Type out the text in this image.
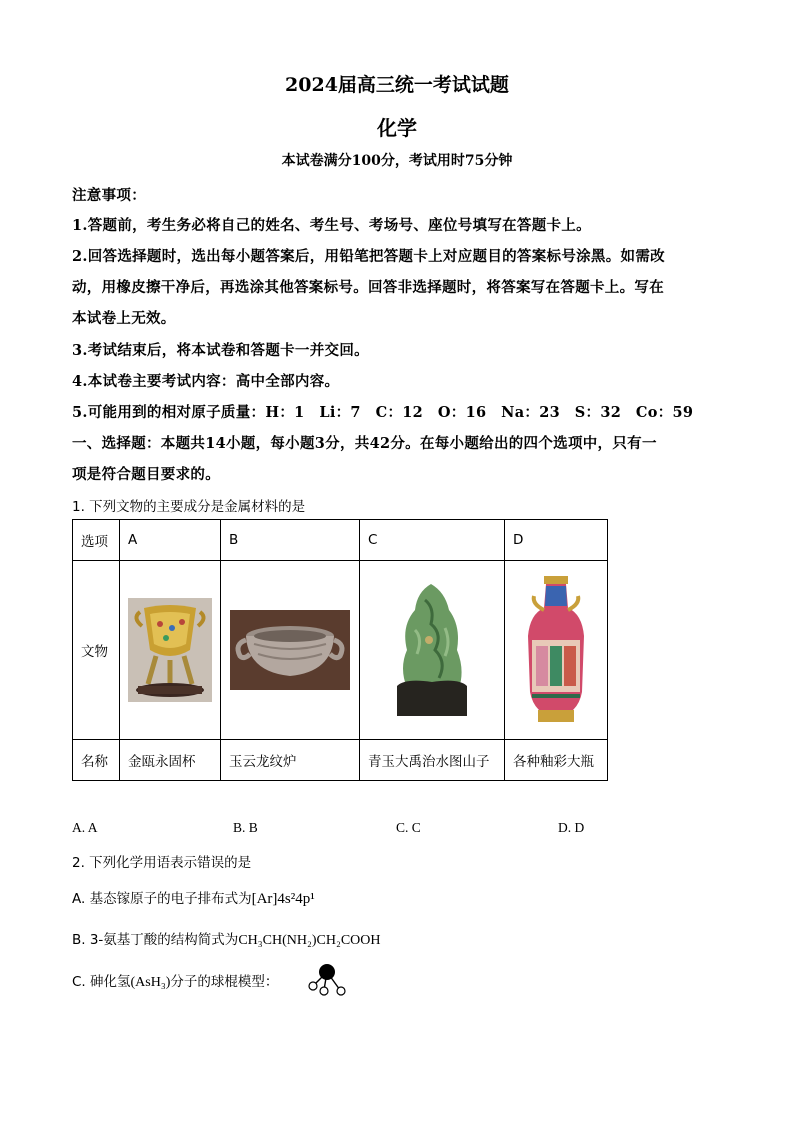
2024届高三统一考试试题
化学
本试卷满分100分，考试用时75分钟
注意事项：
1.答题前，考生务必将自己的姓名、考生号、考场号、座位号填写在答题卡上。
2.回答选择题时，选出每小题答案后，用铅笔把答题卡上对应题目的答案标号涂黑。如需改
动，用橡皮擦干净后，再选涂其他答案标号。回答非选择题时，将答案写在答题卡上。写在
本试卷上无效。
3.考试结束后，将本试卷和答题卡一并交回。
4.本试卷主要考试内容：高中全部内容。
5.可能用到的相对原子质量：H：1　Li：7　C：12　O：16　Na：23　S：32　Co：59
一、选择题：本题共14小题，每小题3分，共42分。在每小题给出的四个选项中，只有一
项是符合题目要求的。
1. 下列文物的主要成分是金属材料的是
选项	A	B	C	D
文物	

名称	金瓯永固杯	玉云龙纹炉	青玉大禹治水图山子	各种釉彩大瓶
A. A	B. B	C. C	D. D
2. 下列化学用语表示错误的是
A. 基态镓原子的电子排布式为[Ar]4s²4p¹
B. 3-氨基丁酸的结构简式为CH₃CH(NH₂)CH₂COOH
C. 砷化氢(AsH₃)分子的球棍模型：
